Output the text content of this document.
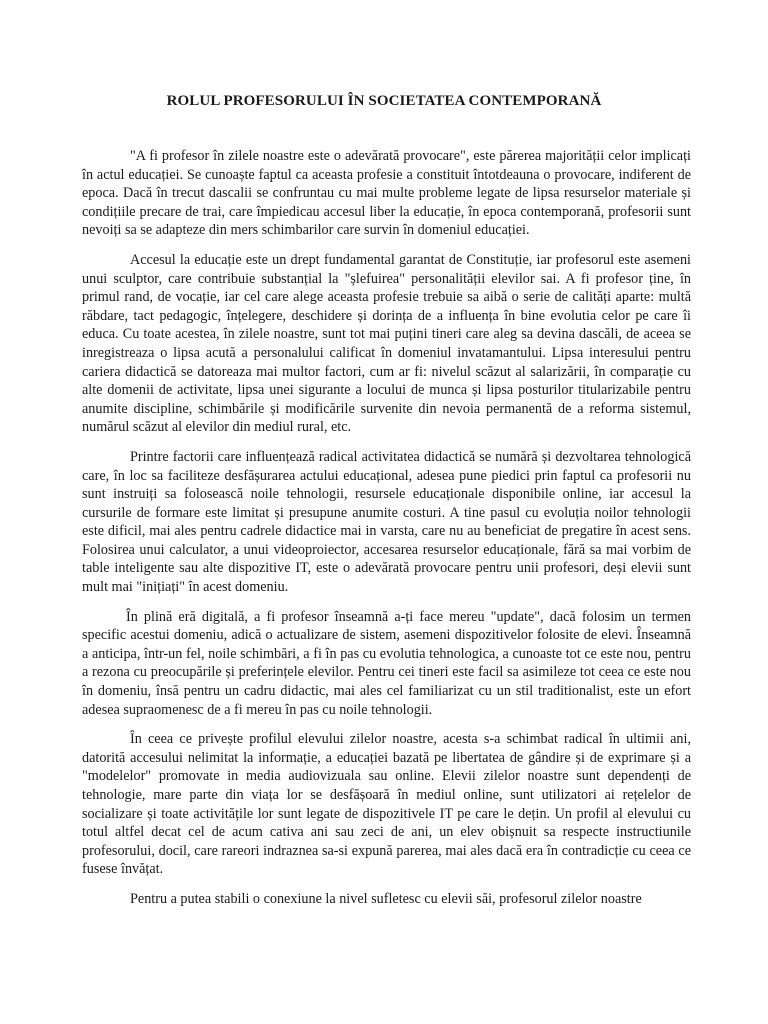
ROLUL PROFESORULUI ÎN SOCIETATEA CONTEMPORANĂ

"A fi profesor în zilele noastre este o adevărată provocare", este părerea majorității celor implicați în actul educației. Se cunoaște faptul ca aceasta profesie a constituit întotdeauna o provocare, indiferent de epoca. Dacă în trecut dascalii se confruntau cu mai multe probleme legate de lipsa resurselor materiale și condițiile precare de trai, care împiedicau accesul liber la educație, în epoca contemporană, profesorii sunt nevoiți sa se adapteze din mers schimbarilor care survin în domeniul educației.

Accesul la educație este un drept fundamental garantat de Constituție, iar profesorul este asemeni unui sculptor, care contribuie substanțial la "șlefuirea" personalității elevilor sai. A fi profesor ține, în primul rand, de vocație, iar cel care alege aceasta profesie trebuie sa aibă o serie de calități aparte: multă răbdare, tact pedagogic, înțelegere, deschidere și dorința de a influența în bine evolutia celor pe care îi educa. Cu toate acestea, în zilele noastre, sunt tot mai puțini tineri care aleg sa devina dascăli, de aceea se inregistreaza o lipsa acută a personalului calificat în domeniul invatamantului. Lipsa interesului pentru cariera didactică se datoreaza mai multor factori, cum ar fi: nivelul scăzut al salarizării, în comparație cu alte domenii de activitate, lipsa unei sigurante a locului de munca și lipsa posturilor titularizabile pentru anumite discipline, schimbările și modificările survenite din nevoia permanentă de a reforma sistemul, numărul scăzut al elevilor din mediul rural, etc.

Printre factorii care influențează radical activitatea didactică se numără și dezvoltarea tehnologică care, în loc sa faciliteze desfășurarea actului educațional, adesea pune piedici prin faptul ca profesorii nu sunt instruiți sa folosească noile tehnologii, resursele educaționale disponibile online, iar accesul la cursurile de formare este limitat și presupune anumite costuri. A tine pasul cu evoluția noilor tehnologii este dificil, mai ales pentru cadrele didactice mai in varsta, care nu au beneficiat de pregatire în acest sens. Folosirea unui calculator, a unui videoproiector, accesarea resurselor educaționale, fără sa mai vorbim de table inteligente sau alte dispozitive IT, este o adevărată provocare pentru unii profesori, deși elevii sunt mult mai "inițiați" în acest domeniu.

În plină eră digitală, a fi profesor înseamnă a-ți face mereu "update", dacă folosim un termen specific acestui domeniu, adică o actualizare de sistem, asemeni dispozitivelor folosite de elevi. Înseamnă a anticipa, într-un fel, noile schimbări, a fi în pas cu evolutia tehnologica, a cunoaste tot ce este nou, pentru a rezona cu preocupările și preferințele elevilor. Pentru cei tineri este facil sa asimileze tot ceea ce este nou în domeniu, însă pentru un cadru didactic, mai ales cel familiarizat cu un stil traditionalist, este un efort adesea supraomenesc de a fi mereu în pas cu noile tehnologii.

În ceea ce privește profilul elevului zilelor noastre, acesta s-a schimbat radical în ultimii ani, datorită accesului nelimitat la informație, a educației bazată pe libertatea de gândire și de exprimare și a "modelelor" promovate in media audiovizuala sau online. Elevii zilelor noastre sunt dependenți de tehnologie, mare parte din viața lor se desfășoară în mediul online, sunt utilizatori ai rețelelor de socializare și toate activitățile lor sunt legate de dispozitivele IT pe care le dețin. Un profil al elevului cu totul altfel decat cel de acum cativa ani sau zeci de ani, un elev obișnuit sa respecte instructiunile profesorului, docil, care rareori indraznea sa-si expună parerea, mai ales dacă era în contradicție cu ceea ce fusese învățat.

Pentru a putea stabili o conexiune la nivel sufletesc cu elevii săi, profesorul zilelor noastre
